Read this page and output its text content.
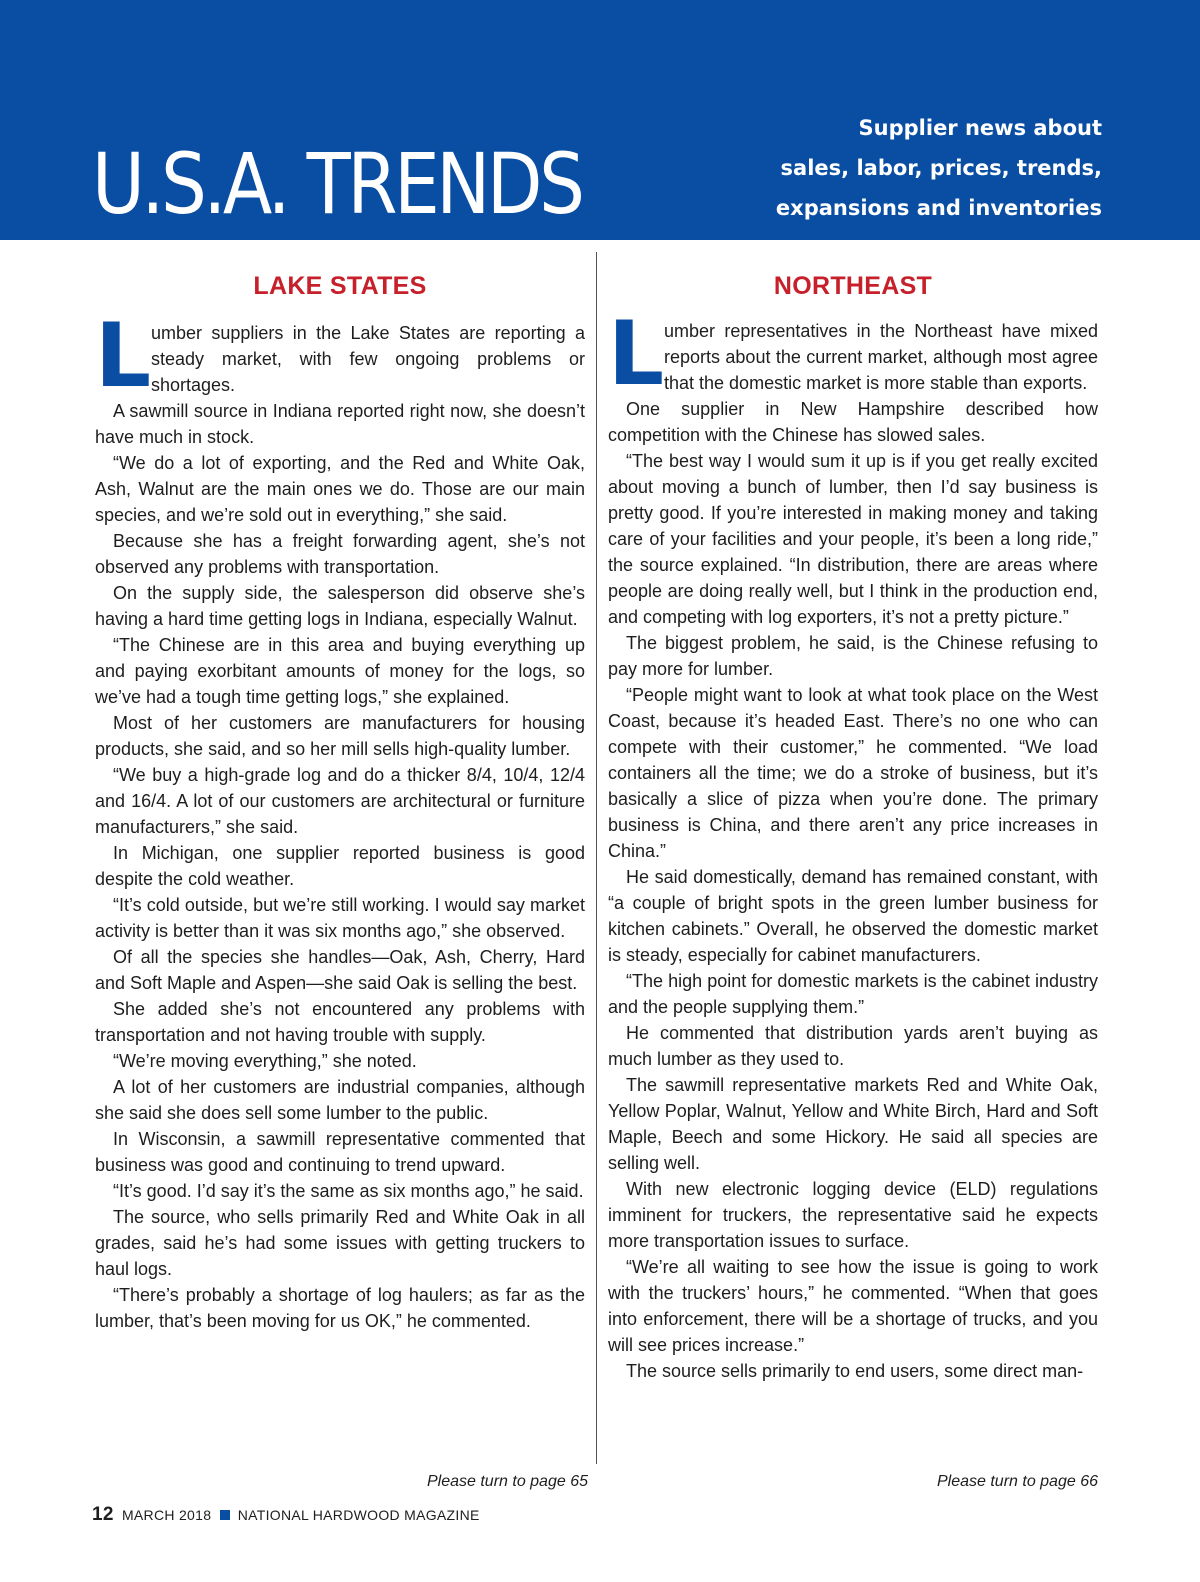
U.S.A. TRENDS
Supplier news about
sales, labor, prices, trends,
expansions and inventories
LAKE STATES

Lumber suppliers in the Lake States are reporting a steady market, with few ongoing problems or shortages.

A sawmill source in Indiana reported right now, she doesn’t have much in stock.

“We do a lot of exporting, and the Red and White Oak, Ash, Walnut are the main ones we do. Those are our main species, and we’re sold out in everything,” she said.

Because she has a freight forwarding agent, she’s not observed any problems with transportation.

On the supply side, the salesperson did observe she’s having a hard time getting logs in Indiana, especially Walnut.

“The Chinese are in this area and buying everything up and paying exorbitant amounts of money for the logs, so we’ve had a tough time getting logs,” she explained.

Most of her customers are manufacturers for housing products, she said, and so her mill sells high-quality lumber.

“We buy a high-grade log and do a thicker 8/4, 10/4, 12/4 and 16/4. A lot of our customers are architectural or furniture manufacturers,” she said.

In Michigan, one supplier reported business is good despite the cold weather.

“It’s cold outside, but we’re still working. I would say market activity is better than it was six months ago,” she observed.

Of all the species she handles—Oak, Ash, Cherry, Hard and Soft Maple and Aspen—she said Oak is selling the best.

She added she’s not encountered any problems with transportation and not having trouble with supply.

“We’re moving everything,” she noted.

A lot of her customers are industrial companies, although she said she does sell some lumber to the public.

In Wisconsin, a sawmill representative commented that business was good and continuing to trend upward.

“It’s good. I’d say it’s the same as six months ago,” he said.

The source, who sells primarily Red and White Oak in all grades, said he’s had some issues with getting truckers to haul logs.

“There’s probably a shortage of log haulers; as far as the lumber, that’s been moving for us OK,” he commented.

NORTHEAST

Lumber representatives in the Northeast have mixed reports about the current market, although most agree that the domestic market is more stable than exports.

One supplier in New Hampshire described how competition with the Chinese has slowed sales.

“The best way I would sum it up is if you get really excited about moving a bunch of lumber, then I’d say business is pretty good. If you’re interested in making money and taking care of your facilities and your people, it’s been a long ride,” the source explained. “In distribution, there are areas where people are doing really well, but I think in the production end, and competing with log exporters, it’s not a pretty picture.”

The biggest problem, he said, is the Chinese refusing to pay more for lumber.

“People might want to look at what took place on the West Coast, because it’s headed East. There’s no one who can compete with their customer,” he commented. “We load containers all the time; we do a stroke of business, but it’s basically a slice of pizza when you’re done. The primary business is China, and there aren’t any price increases in China.”

He said domestically, demand has remained constant, with “a couple of bright spots in the green lumber business for kitchen cabinets.” Overall, he observed the domestic market is steady, especially for cabinet manufacturers.

“The high point for domestic markets is the cabinet industry and the people supplying them.”

He commented that distribution yards aren’t buying as much lumber as they used to.

The sawmill representative markets Red and White Oak, Yellow Poplar, Walnut, Yellow and White Birch, Hard and Soft Maple, Beech and some Hickory. He said all species are selling well.

With new electronic logging device (ELD) regulations imminent for truckers, the representative said he expects more transportation issues to surface.

“We’re all waiting to see how the issue is going to work with the truckers’ hours,” he commented. “When that goes into enforcement, there will be a shortage of trucks, and you will see prices increase.”

The source sells primarily to end users, some direct man-

Please turn to page 65	Please turn to page 66
12 MARCH 2018 NATIONAL HARDWOOD MAGAZINE
